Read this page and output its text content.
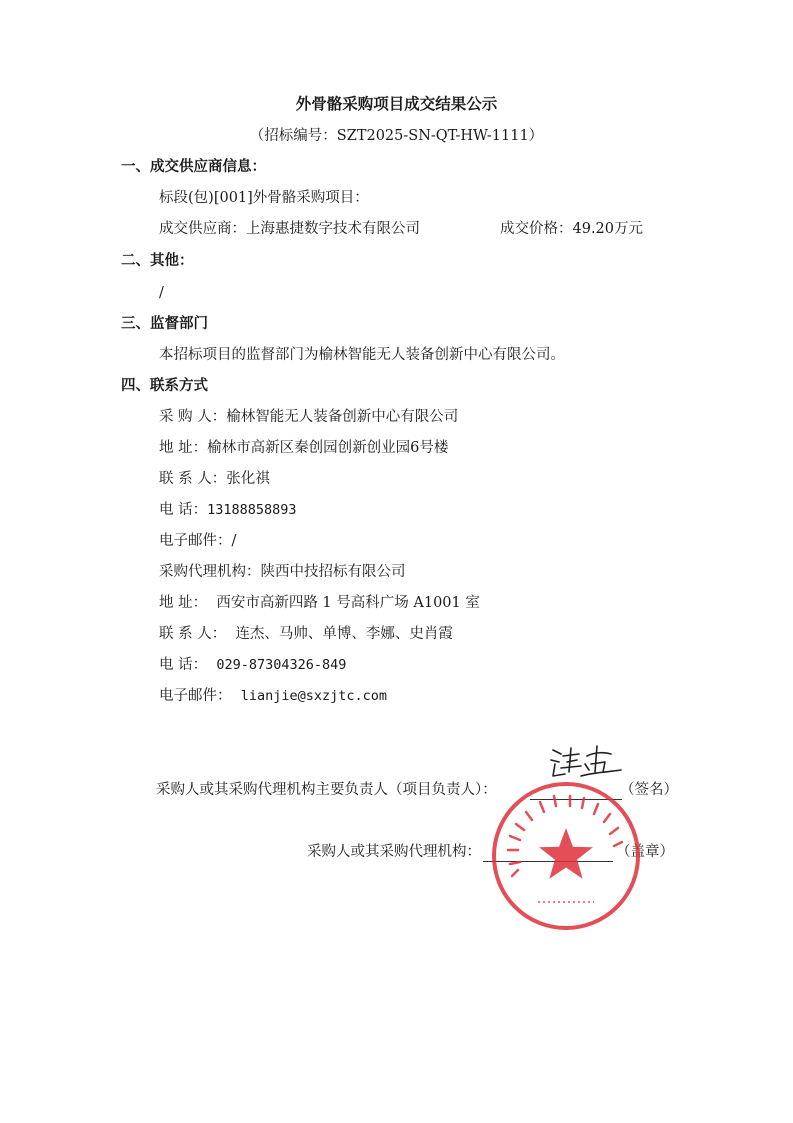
外骨骼采购项目成交结果公示
（招标编号：SZT2025-SN-QT-HW-1111）
一、成交供应商信息：
标段(包)[001]外骨骼采购项目：
成交供应商：上海惠捷数字技术有限公司	成交价格：49.20万元
二、其他：
/
三、监督部门
本招标项目的监督部门为榆林智能无人装备创新中心有限公司。
四、联系方式
采 购 人：榆林智能无人装备创新中心有限公司
地 址：榆林市高新区秦创园创新创业园6号楼
联 系 人：张化祺
电 话：13188858893
电子邮件：/
采购代理机构：陕西中技招标有限公司
地 址： 西安市高新四路 1 号高科广场 A1001 室
联 系 人： 连杰、马帅、单博、李娜、史肖霞
电 话： 029-87304326-849
电子邮件： lianjie@sxzjtc.com
采购人或其采购代理机构主要负责人（项目负责人）：	（签名）
采购人或其采购代理机构：	（盖章）
